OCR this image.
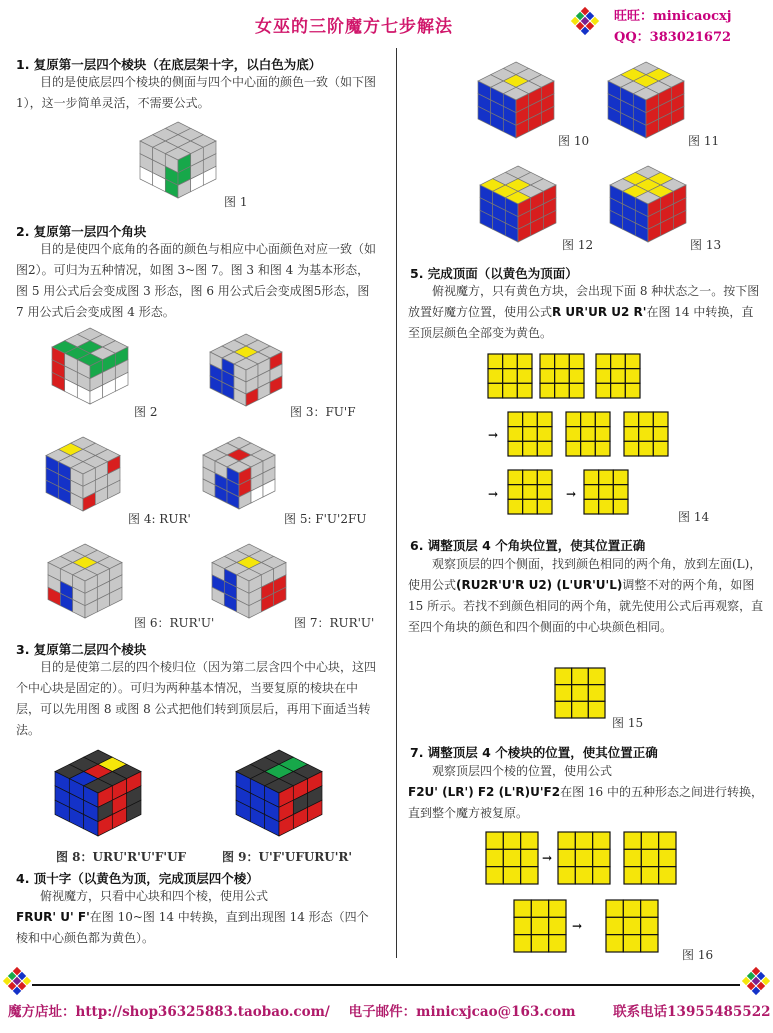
女巫的三阶魔方七步解法
旺旺：minicaocxj
QQ：383021672
1. 复原第一层四个棱块（在底层架十字，以白色为底）

目的是使底层四个棱块的侧面与四个中心面的颜色一致（如下图1），这一步简单灵活，不需要公式。

图 1
2. 复原第一层四个角块

目的是使四个底角的各面的颜色与相应中心面颜色对应一致（如图2）。可归为五种情况，如图 3~图 7。图 3 和图 4 为基本形态，图 5 用公式后会变成图 3 形态，图 6 用公式后会变成图5形态，图 7 用公式后会变成图 4 形态。

图 2	图 3：FU'F
图 4: RUR'	图 5: F'U'2FU
图 6：RUR'U'	图 7：RUR'U'
3. 复原第二层四个棱块

目的是使第二层的四个棱归位（因为第二层含四个中心块，这四个中心块是固定的）。可归为两种基本情况，当要复原的棱块在中层，可以先用图 8 或图 8 公式把他们转到顶层后，再用下面适当转法。

图 8：URU'R'U'F'UF	图 9：U'F'UFURU'R'
4. 顶十字（以黄色为顶，完成顶层四个棱）

俯视魔方，只看中心块和四个棱，使用公式
FRUR' U' F'在图 10~图 14 中转换，直到出现图 14 形态（四个棱和中心颜色都为黄色）。

图 10	图 11
图 12	图 13
5. 完成顶面（以黄色为顶面）

俯视魔方，只有黄色方块，会出现下面 8 种状态之一。按下图放置好魔方位置，使用公式R UR'UR U2 R'在图 14 中转换，直至顶层颜色全部变为黄色。

→
→	→
图 14
6. 调整顶层 4 个角块位置，使其位置正确

观察顶层的四个侧面，找到颜色相同的两个角，放到左面(L)，使用公式(RU2R'U'R U2) (L'UR'U'L)调整不对的两个角，如图 15 所示。若找不到颜色相同的两个角，就先使用公式后再观察，直至四个角块的颜色和四个侧面的中心块颜色相同。

图 15
7. 调整顶层 4 个棱块的位置，使其位置正确

观察顶层四个棱的位置，使用公式
F2U' (LR') F2 (L'R)U'F2在图 16 中的五种形态之间进行转换，直到整个魔方被复原。

→
→
图 16
魔方店址：http://shop36325883.taobao.com/ 电子邮件：minicxjcao@163.com	联系电话13955485522
